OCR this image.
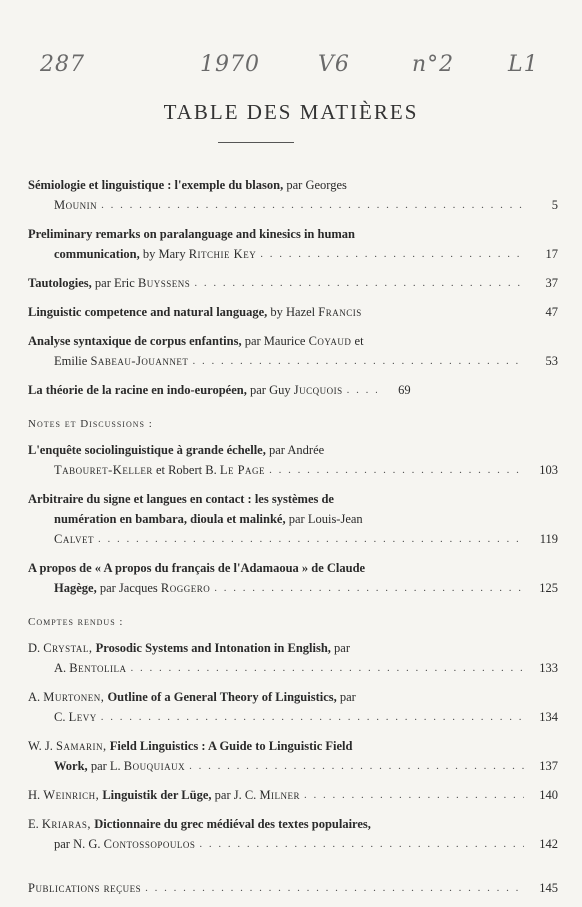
287	1970	V6	n°2 L1
TABLE DES MATIÈRES
Sémiologie et linguistique : l'exemple du blason, par Georges
Mounin . . .	5
Preliminary remarks on paralanguage and kinesics in human
communication, by Mary Ritchie Key . . .	17
Tautologies, par Eric Buyssens . . .	37
Linguistic competence and natural language, by Hazel Francis	47
Analyse syntaxique de corpus enfantins, par Maurice Coyaud et
Emilie Sabeau-Jouannet . . .	53
La théorie de la racine en indo-européen, par Guy Jucquois . . .	69
Notes et Discussions :
L'enquête sociolinguistique à grande échelle, par Andrée
Tabouret-Keller et Robert B. Le Page . . .	103
Arbitraire du signe et langues en contact : les systèmes de
numération en bambara, dioula et malinké, par Louis-Jean
Calvet . . .	119
A propos de « A propos du français de l'Adamaoua » de Claude
Hagège, par Jacques Roggero . . .	125
Comptes rendus :
D. Crystal, Prosodic Systems and Intonation in English, par
A. Bentolila . . .	133
A. Murtonen, Outline of a General Theory of Linguistics, par
C. Levy . . .	134
W. J. Samarin, Field Linguistics : A Guide to Linguistic Field
Work, par L. Bouquiaux . . .	137
H. Weinrich, Linguistik der Lüge, par J. C. Milner . . .	140
E. Kriaras, Dictionnaire du grec médiéval des textes populaires,
par N. G. Contossopoulos . . .	142
Publications reçues . . .	145
